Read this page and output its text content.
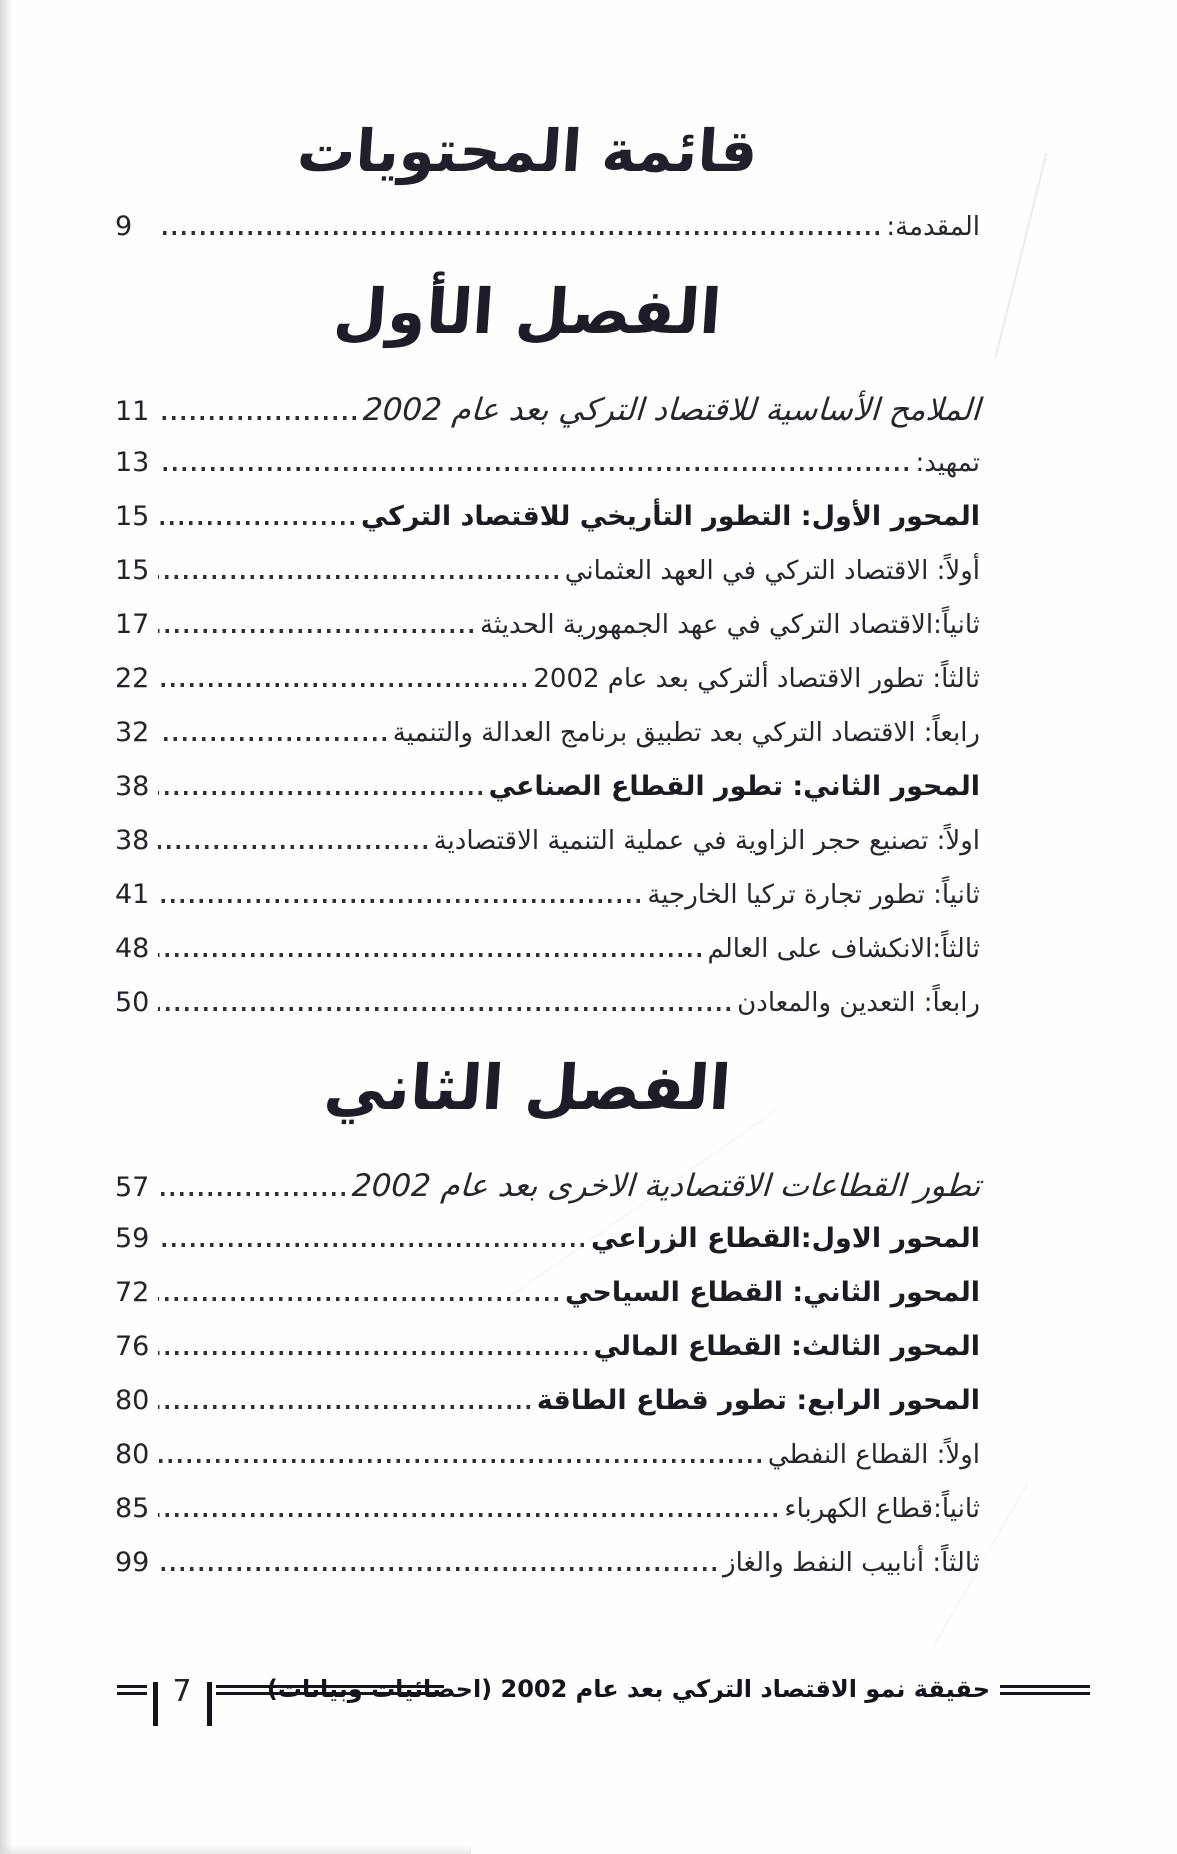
قائمة المحتويات
المقدمة:
9
الفصل الأول
الملامح الأساسية للاقتصاد التركي بعد عام 2002
11
تمهيد:
13
المحور الأول: التطور التأريخي للاقتصاد التركي
15
أولاً: الاقتصاد التركي في العهد العثماني
15
ثانياً:الاقتصاد التركي في عهد الجمهورية الحديثة
17
ثالثاً: تطور الاقتصاد ألتركي بعد عام 2002
22
رابعاً: الاقتصاد التركي بعد تطبيق برنامج العدالة والتنمية
32
المحور الثاني: تطور القطاع الصناعي
38
اولاً: تصنيع حجر الزاوية في عملية التنمية الاقتصادية
38
ثانياً: تطور تجارة تركيا الخارجية
41
ثالثاً:الانكشاف على العالم
48
رابعاً: التعدين والمعادن
50
الفصل الثاني
تطور القطاعات الاقتصادية الاخرى بعد عام 2002
57
المحور الاول:القطاع الزراعي
59
المحور الثاني: القطاع السياحي
72
المحور الثالث: القطاع المالي
76
المحور الرابع: تطور قطاع الطاقة
80
اولاً: القطاع النفطي
80
ثانياً:قطاع الكهرباء
85
ثالثاً: أنابيب النفط والغاز
99
7	حقيقة نمو الاقتصاد التركي بعد عام 2002 (احصائيات وبيانات)
